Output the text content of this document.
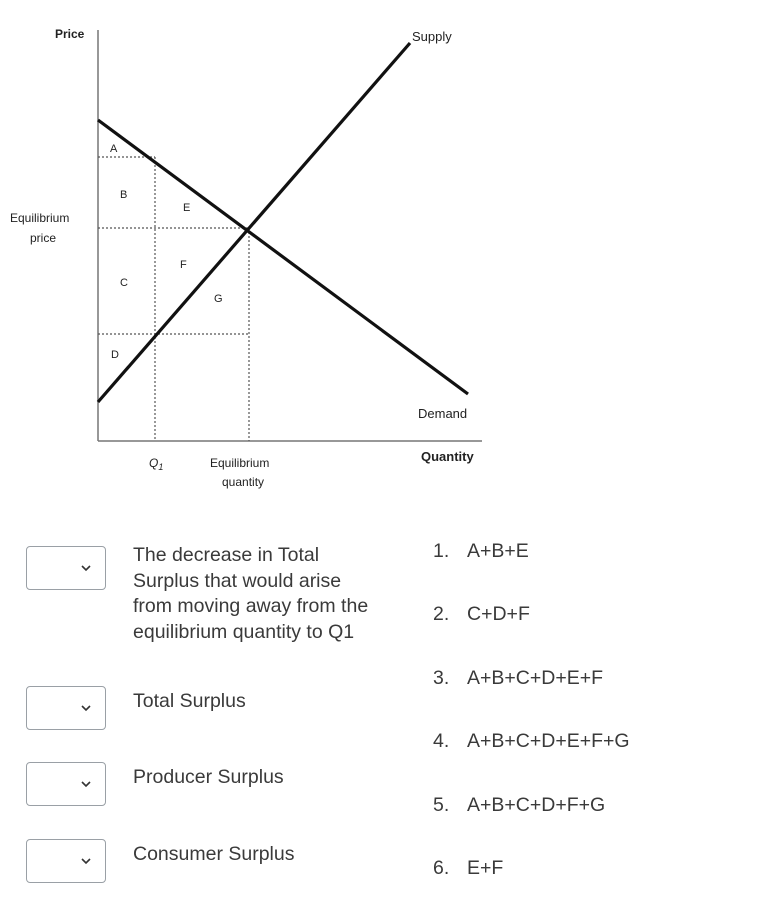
Price	Supply
Demand
Quantity
Equilibrium
price
Equilibrium
quantity
$Q_1$
A
B
E
F
C
G
D

The decrease in Total
Surplus that would arise
from moving away from the
equilibrium quantity to Q1

Total Surplus

Producer Surplus

Consumer Surplus

1. A+B+E
2. C+D+F
3. A+B+C+D+E+F
4. A+B+C+D+E+F+G
5. A+B+C+D+F+G
6. E+F
